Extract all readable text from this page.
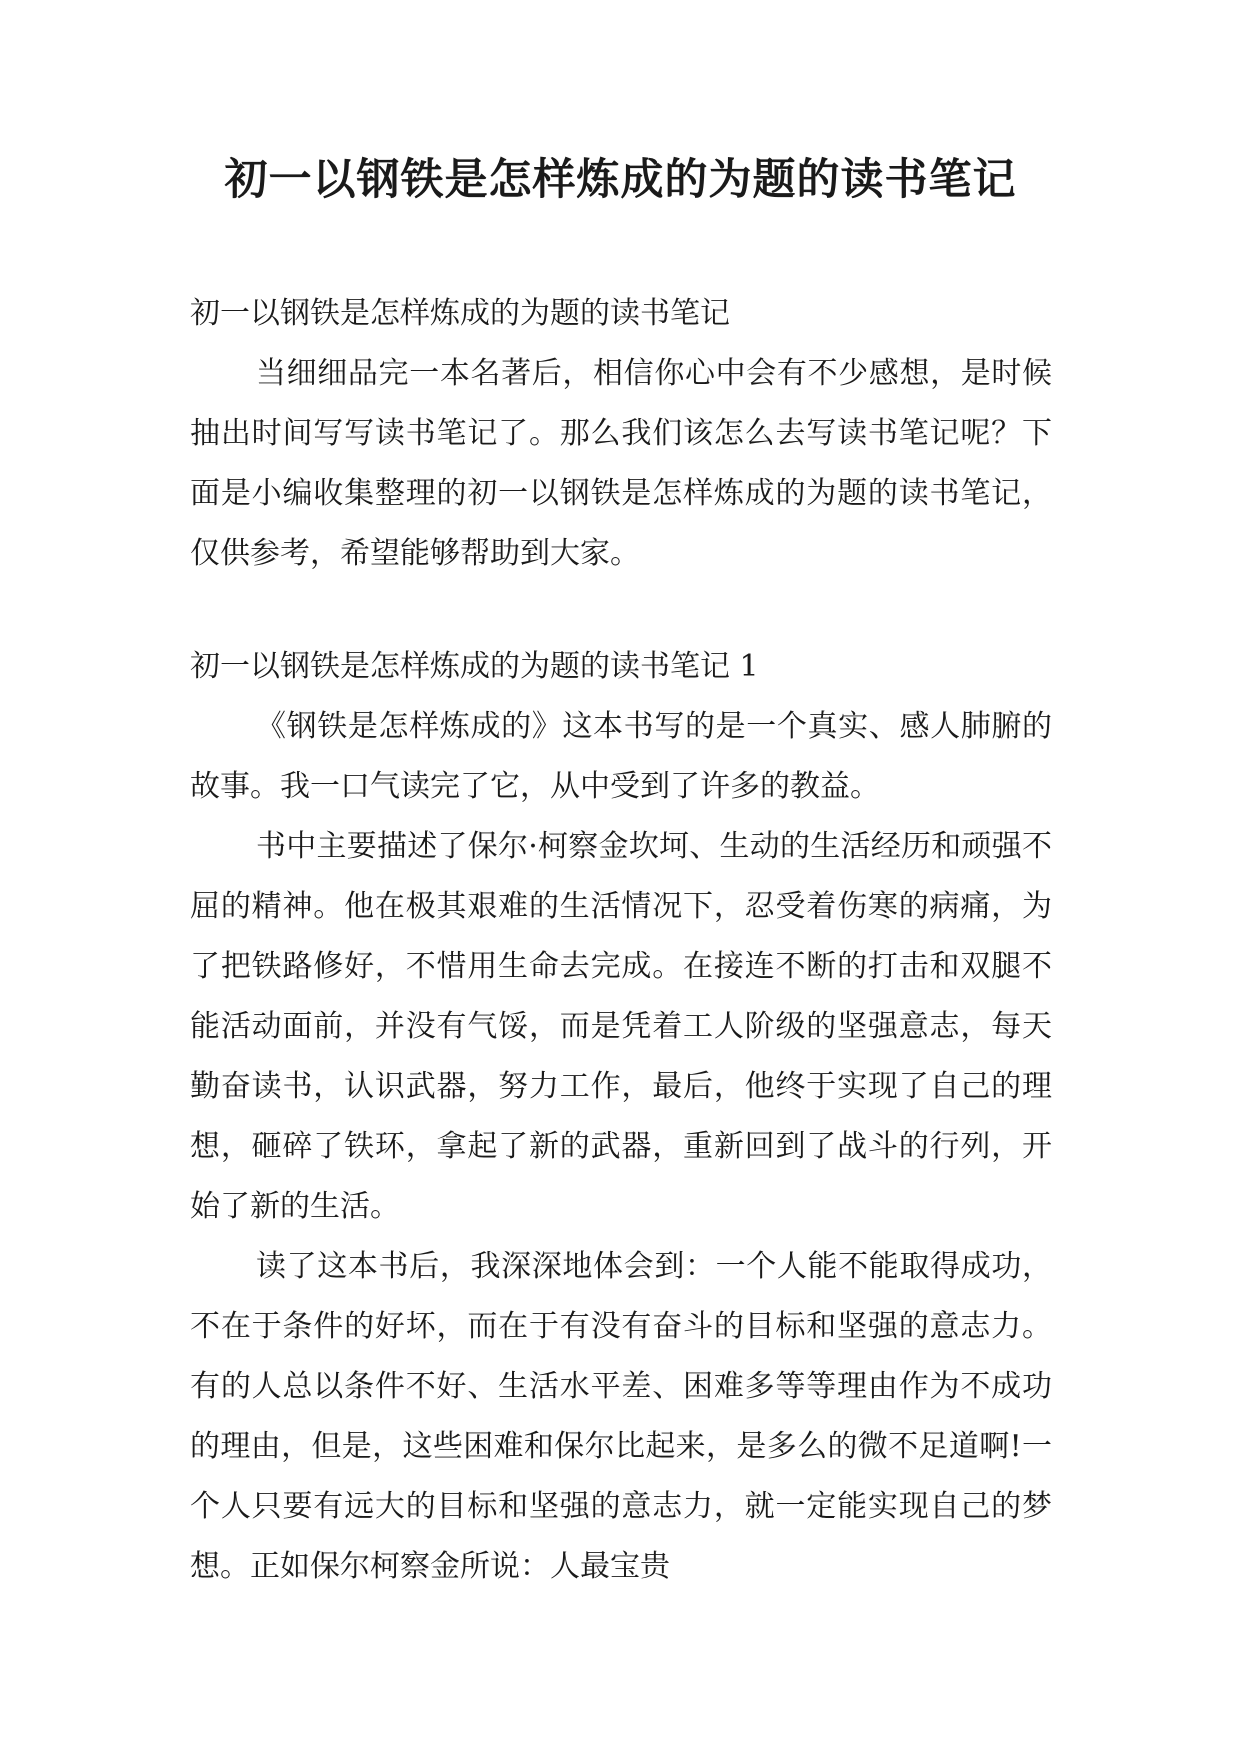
初一以钢铁是怎样炼成的为题的读书笔记

初一以钢铁是怎样炼成的为题的读书笔记

当细细品完一本名著后，相信你心中会有不少感想，是时候抽出时间写写读书笔记了。那么我们该怎么去写读书笔记呢？下面是小编收集整理的初一以钢铁是怎样炼成的为题的读书笔记，仅供参考，希望能够帮助到大家。

初一以钢铁是怎样炼成的为题的读书笔记 1

《钢铁是怎样炼成的》这本书写的是一个真实、感人肺腑的故事。我一口气读完了它，从中受到了许多的教益。

书中主要描述了保尔·柯察金坎坷、生动的生活经历和顽强不屈的精神。他在极其艰难的生活情况下，忍受着伤寒的病痛，为了把铁路修好，不惜用生命去完成。在接连不断的打击和双腿不能活动面前，并没有气馁，而是凭着工人阶级的坚强意志，每天勤奋读书，认识武器，努力工作，最后，他终于实现了自己的理想，砸碎了铁环，拿起了新的武器，重新回到了战斗的行列，开始了新的生活。

读了这本书后，我深深地体会到：一个人能不能取得成功，不在于条件的好坏，而在于有没有奋斗的目标和坚强的意志力。有的人总以条件不好、生活水平差、困难多等等理由作为不成功的理由，但是，这些困难和保尔比起来，是多么的微不足道啊!一个人只要有远大的目标和坚强的意志力，就一定能实现自己的梦想。正如保尔柯察金所说：人最宝贵
